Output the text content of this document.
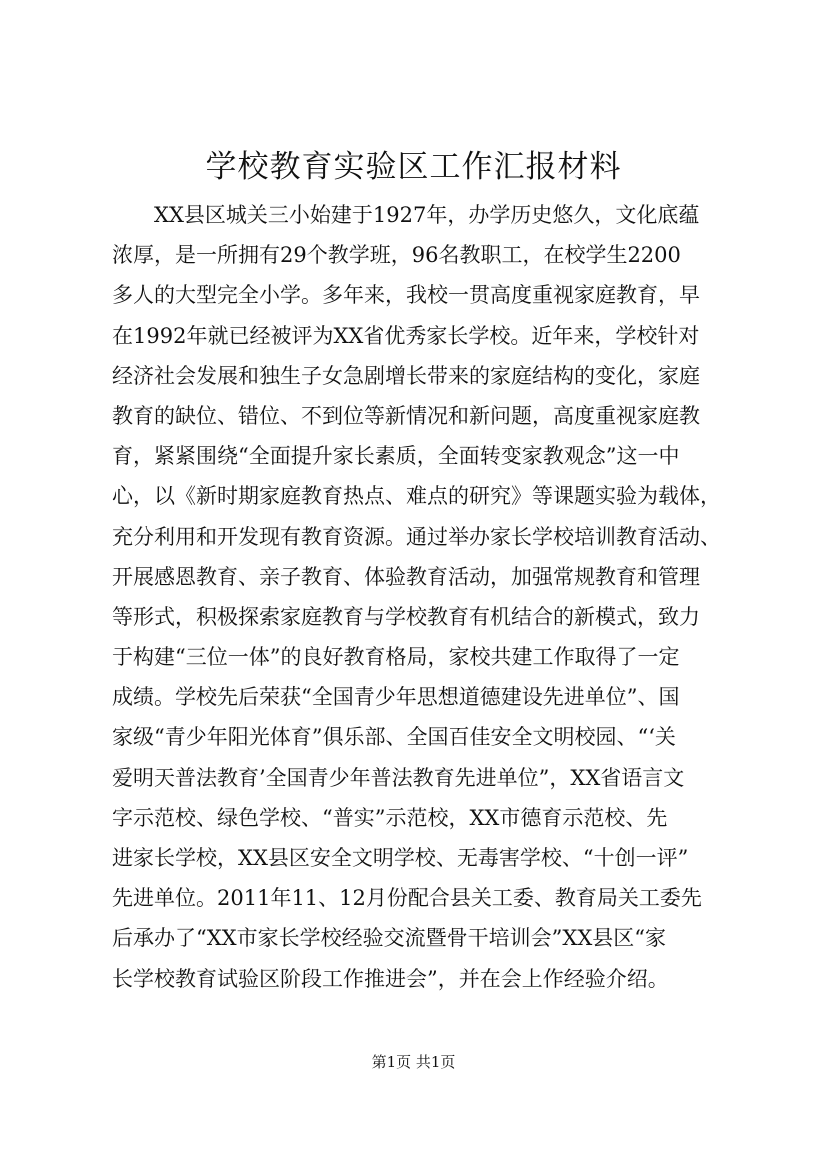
学校教育实验区工作汇报材料
XX县区城关三小始建于1927年，办学历史悠久，文化底蕴
浓厚，是一所拥有29个教学班，96名教职工，在校学生2200
多人的大型完全小学。多年来，我校一贯高度重视家庭教育，早
在1992年就已经被评为XX省优秀家长学校。近年来，学校针对
经济社会发展和独生子女急剧增长带来的家庭结构的变化，家庭
教育的缺位、错位、不到位等新情况和新问题，高度重视家庭教
育，紧紧围绕“全面提升家长素质，全面转变家教观念”这一中
心，以《新时期家庭教育热点、难点的研究》等课题实验为载体，
充分利用和开发现有教育资源。通过举办家长学校培训教育活动、
开展感恩教育、亲子教育、体验教育活动，加强常规教育和管理
等形式，积极探索家庭教育与学校教育有机结合的新模式，致力
于构建“三位一体”的良好教育格局，家校共建工作取得了一定
成绩。学校先后荣获“全国青少年思想道德建设先进单位”、国
家级“青少年阳光体育”俱乐部、全国百佳安全文明校园、“‘关
爱明天普法教育’全国青少年普法教育先进单位”，XX省语言文
字示范校、绿色学校、“普实”示范校，XX市德育示范校、先
进家长学校，XX县区安全文明学校、无毒害学校、“十创一评”
先进单位。2011年11、12月份配合县关工委、教育局关工委先
后承办了“XX市家长学校经验交流暨骨干培训会”XX县区“家
长学校教育试验区阶段工作推进会”，并在会上作经验介绍。
第1页 共1页
